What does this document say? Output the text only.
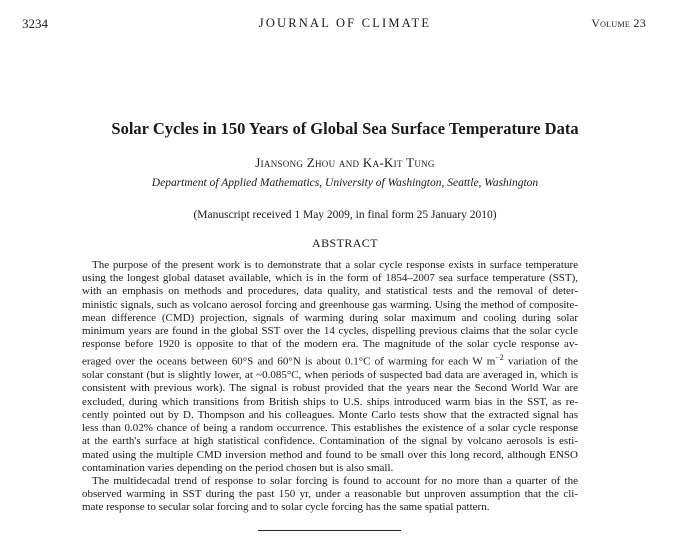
3234	JOURNAL OF CLIMATE	Volume 23
Solar Cycles in 150 Years of Global Sea Surface Temperature Data
Jiansong Zhou and Ka-Kit Tung
Department of Applied Mathematics, University of Washington, Seattle, Washington
(Manuscript received 1 May 2009, in final form 25 January 2010)
ABSTRACT
The purpose of the present work is to demonstrate that a solar cycle response exists in surface temperature
using the longest global dataset available, which is in the form of 1854–2007 sea surface temperature (SST),
with an emphasis on methods and procedures, data quality, and statistical tests and the removal of deter-
ministic signals, such as volcano aerosol forcing and greenhouse gas warming. Using the method of composite-
mean difference (CMD) projection, signals of warming during solar maximum and cooling during solar
minimum years are found in the global SST over the 14 cycles, dispelling previous claims that the solar cycle
response before 1920 is opposite to that of the modern era. The magnitude of the solar cycle response av-
eraged over the oceans between 60°S and 60°N is about 0.1°C of warming for each W $m^{-2}$ variation of the
solar constant (but is slightly lower, at ~0.085°C, when periods of suspected bad data are averaged in, which is
consistent with previous work). The signal is robust provided that the years near the Second World War are
excluded, during which transitions from British ships to U.S. ships introduced warm bias in the SST, as re-
cently pointed out by D. Thompson and his colleagues. Monte Carlo tests show that the extracted signal has
less than 0.02% chance of being a random occurrence. This establishes the existence of a solar cycle response
at the earth's surface at high statistical confidence. Contamination of the signal by volcano aerosols is esti-
mated using the multiple CMD inversion method and found to be small over this long record, although ENSO
contamination varies depending on the period chosen but is also small.
The multidecadal trend of response to solar forcing is found to account for no more than a quarter of the
observed warming in SST during the past 150 yr, under a reasonable but unproven assumption that the cli-
mate response to secular solar forcing and to solar cycle forcing has the same spatial pattern.
